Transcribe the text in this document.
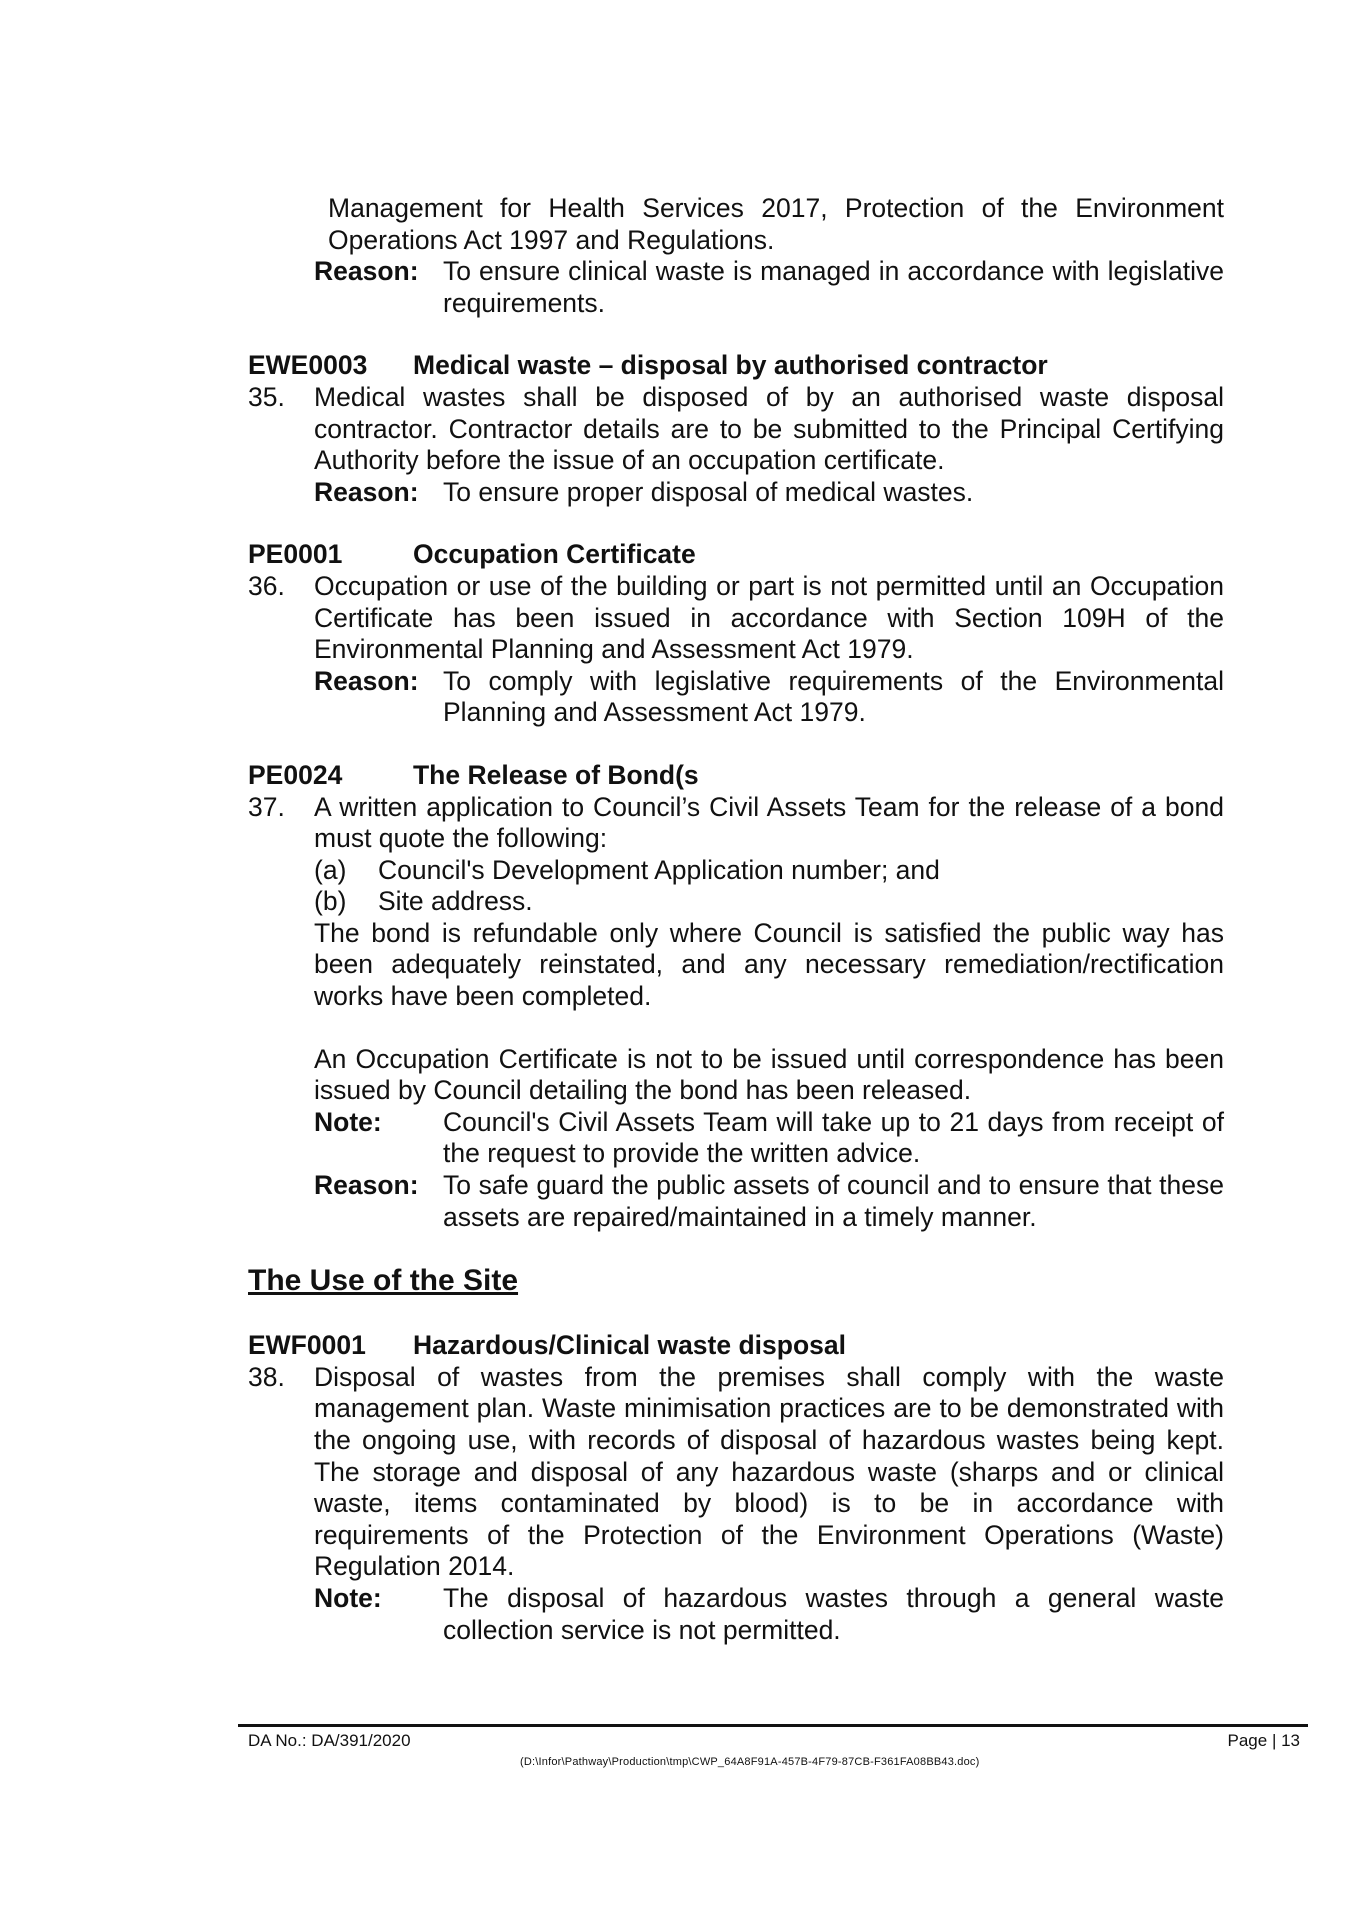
Management for Health Services 2017, Protection of the Environment Operations Act 1997 and Regulations.

Reason: To ensure clinical waste is managed in accordance with legislative requirements.
EWE0003	Medical waste – disposal by authorised contractor
35.	Medical wastes shall be disposed of by an authorised waste disposal contractor. Contractor details are to be submitted to the Principal Certifying Authority before the issue of an occupation certificate.
Reason: To ensure proper disposal of medical wastes.
PE0001	Occupation Certificate
36.	Occupation or use of the building or part is not permitted until an Occupation Certificate has been issued in accordance with Section 109H of the Environmental Planning and Assessment Act 1979.
Reason: To comply with legislative requirements of the Environmental Planning and Assessment Act 1979.
PE0024	The Release of Bond(s
37.	A written application to Council’s Civil Assets Team for the release of a bond must quote the following:
(a)	Council's Development Application number; and
(b)	Site address.

The bond is refundable only where Council is satisfied the public way has been adequately reinstated, and any necessary remediation/rectification works have been completed.

An Occupation Certificate is not to be issued until correspondence has been issued by Council detailing the bond has been released.

Note:	Council's Civil Assets Team will take up to 21 days from receipt of the request to provide the written advice.
Reason: To safe guard the public assets of council and to ensure that these assets are repaired/maintained in a timely manner.

The Use of the Site

EWF0001	Hazardous/Clinical waste disposal
38.	Disposal of wastes from the premises shall comply with the waste management plan. Waste minimisation practices are to be demonstrated with the ongoing use, with records of disposal of hazardous wastes being kept. The storage and disposal of any hazardous waste (sharps and or clinical waste, items contaminated by blood) is to be in accordance with requirements of the Protection of the Environment Operations (Waste) Regulation 2014.
Note:	The disposal of hazardous wastes through a general waste collection service is not permitted.
DA No.: DA/391/2020	Page | 13
(D:\Infor\Pathway\Production\tmp\CWP_64A8F91A-457B-4F79-87CB-F361FA08BB43.doc)
